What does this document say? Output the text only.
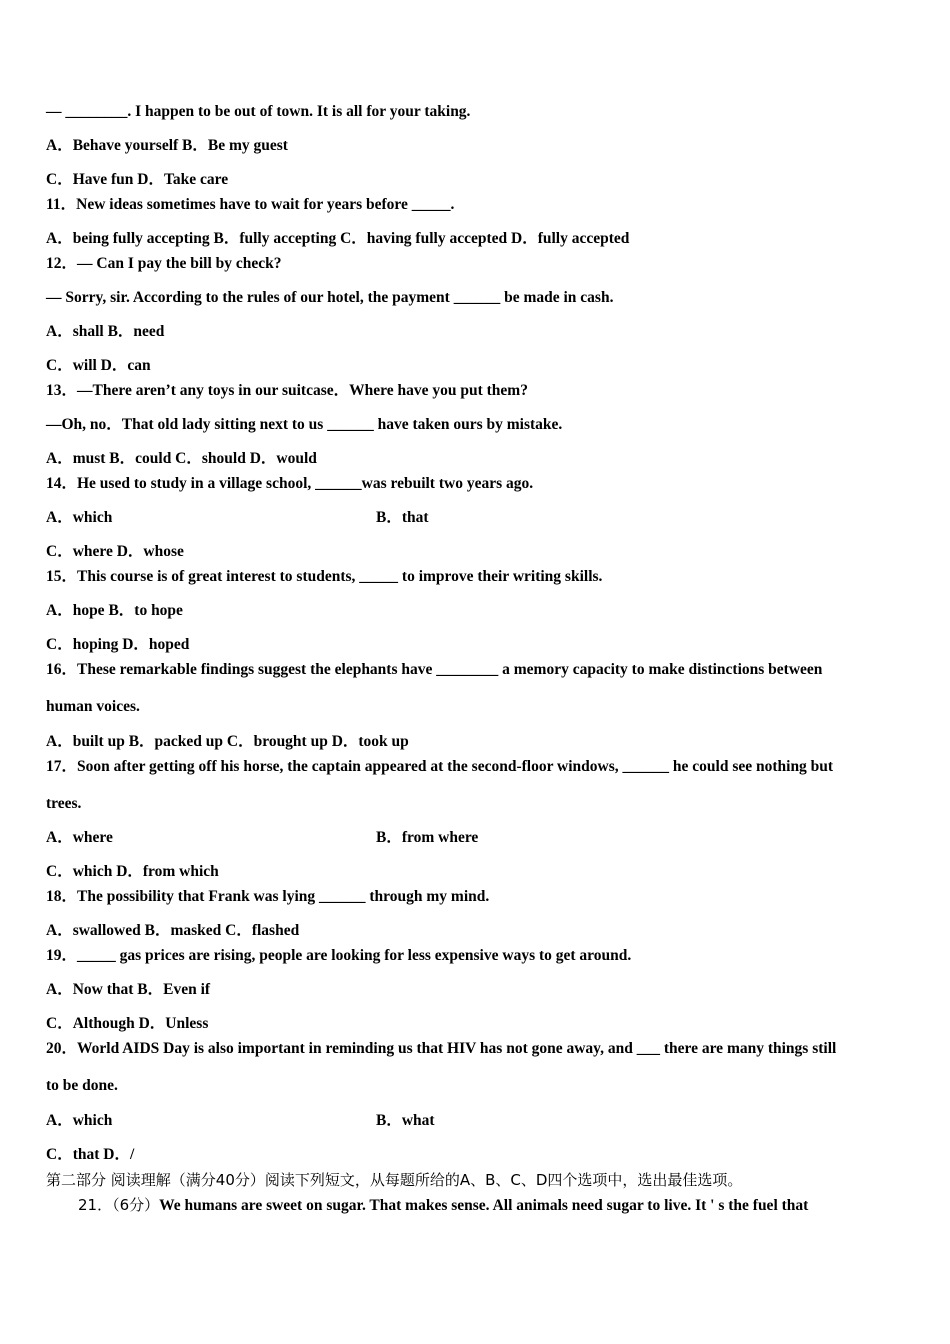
— ________. I happen to be out of town. It is all for your taking.
A．Behave yourself B．Be my guest
C．Have fun D．Take care
11．New ideas sometimes have to wait for years before _____.
A．being fully accepting B．fully accepting C．having fully accepted D．fully accepted
12．— Can I pay the bill by check?
— Sorry, sir. According to the rules of our hotel, the payment ______ be made in cash.
A．shall B．need
C．will D．can
13．—There aren’t any toys in our suitcase．Where have you put them?
—Oh, no．That old lady sitting next to us ______ have taken ours by mistake.
A．must B．could C．should D．would
14．He used to study in a village school, ______was rebuilt two years ago.
A．which	B．that
C．where D．whose
15．This course is of great interest to students, _____ to improve their writing skills.
A．hope B．to hope
C．hoping D．hoped
16．These remarkable findings suggest the elephants have ________ a memory capacity to make distinctions between
human voices.
A．built up B．packed up C．brought up D．took up
17．Soon after getting off his horse, the captain appeared at the second-floor windows, ______ he could see nothing but
trees.
A．where	B．from where
C．which D．from which
18．The possibility that Frank was lying ______ through my mind.
A．swallowed B．masked C．flashed
19．_____ gas prices are rising, people are looking for less expensive ways to get around.
A．Now that B．Even if
C．Although D．Unless
20．World AIDS Day is also important in reminding us that HIV has not gone away, and ___ there are many things still
to be done.
A．which	B．what
C．that D．/
第二部分 阅读理解（满分40分）阅读下列短文，从每题所给的A、B、C、D四个选项中，选出最佳选项。
21．（6分）We humans are sweet on sugar. That makes sense. All animals need sugar to live. It ' s the fuel that
